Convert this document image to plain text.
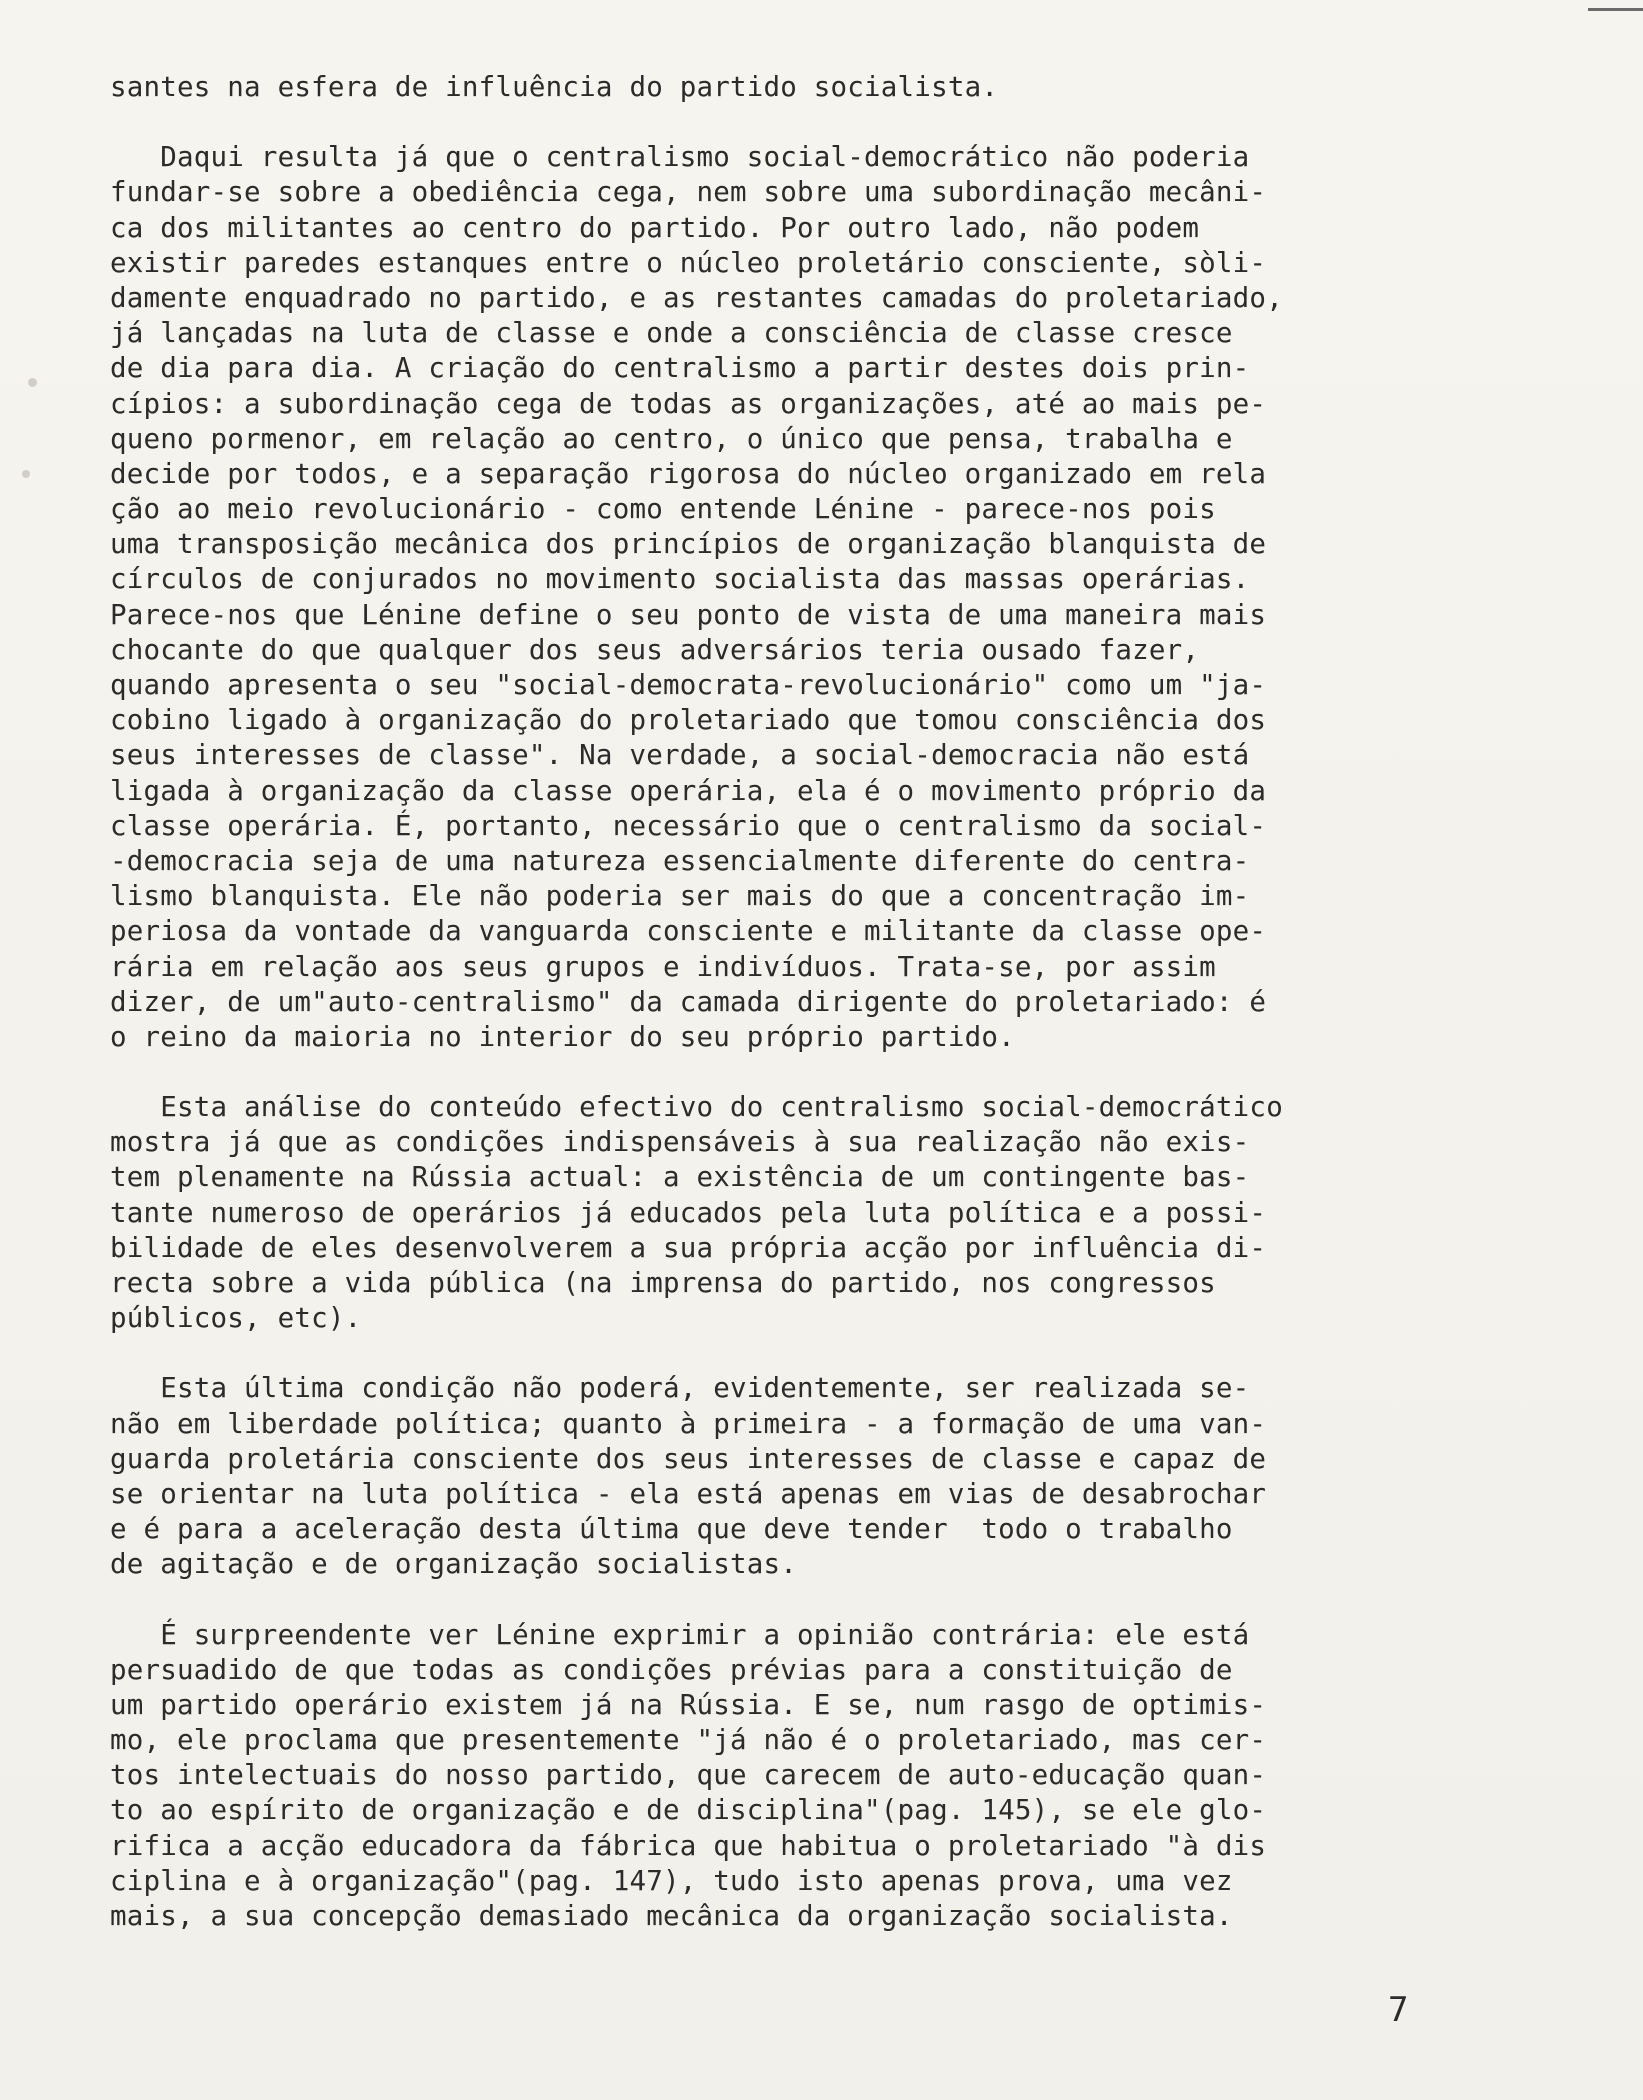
santes na esfera de influência do partido socialista.
Daqui resulta já que o centralismo social-democrático não poderia
fundar-se sobre a obediência cega, nem sobre uma subordinação mecâni-
ca dos militantes ao centro do partido. Por outro lado, não podem
existir paredes estanques entre o núcleo proletário consciente, sòli-
damente enquadrado no partido, e as restantes camadas do proletariado,
já lançadas na luta de classe e onde a consciência de classe cresce
de dia para dia. A criação do centralismo a partir destes dois prin-
cípios: a subordinação cega de todas as organizações, até ao mais pe-
queno pormenor, em relação ao centro, o único que pensa, trabalha e
decide por todos, e a separação rigorosa do núcleo organizado em rela
ção ao meio revolucionário - como entende Lénine - parece-nos pois
uma transposição mecânica dos princípios de organização blanquista de
círculos de conjurados no movimento socialista das massas operárias.
Parece-nos que Lénine define o seu ponto de vista de uma maneira mais
chocante do que qualquer dos seus adversários teria ousado fazer,
quando apresenta o seu "social-democrata-revolucionário" como um "ja-
cobino ligado à organização do proletariado que tomou consciência dos
seus interesses de classe". Na verdade, a social-democracia não está
ligada à organização da classe operária, ela é o movimento próprio da
classe operária. É, portanto, necessário que o centralismo da social-
-democracia seja de uma natureza essencialmente diferente do centra-
lismo blanquista. Ele não poderia ser mais do que a concentração im-
periosa da vontade da vanguarda consciente e militante da classe ope-
rária em relação aos seus grupos e indivíduos. Trata-se, por assim
dizer, de um"auto-centralismo" da camada dirigente do proletariado: é
o reino da maioria no interior do seu próprio partido.
Esta análise do conteúdo efectivo do centralismo social-democrático
mostra já que as condições indispensáveis à sua realização não exis-
tem plenamente na Rússia actual: a existência de um contingente bas-
tante numeroso de operários já educados pela luta política e a possi-
bilidade de eles desenvolverem a sua própria acção por influência di-
recta sobre a vida pública (na imprensa do partido, nos congressos
públicos, etc).
Esta última condição não poderá, evidentemente, ser realizada se-
não em liberdade política; quanto à primeira - a formação de uma van-
guarda proletária consciente dos seus interesses de classe e capaz de
se orientar na luta política - ela está apenas em vias de desabrochar
e é para a aceleração desta última que deve tender  todo o trabalho
de agitação e de organização socialistas.
É surpreendente ver Lénine exprimir a opinião contrária: ele está
persuadido de que todas as condições prévias para a constituição de
um partido operário existem já na Rússia. E se, num rasgo de optimis-
mo, ele proclama que presentemente "já não é o proletariado, mas cer-
tos intelectuais do nosso partido, que carecem de auto-educação quan-
to ao espírito de organização e de disciplina"(pag. 145), se ele glo-
rifica a acção educadora da fábrica que habitua o proletariado "à dis
ciplina e à organização"(pag. 147), tudo isto apenas prova, uma vez
mais, a sua concepção demasiado mecânica da organização socialista.
7
